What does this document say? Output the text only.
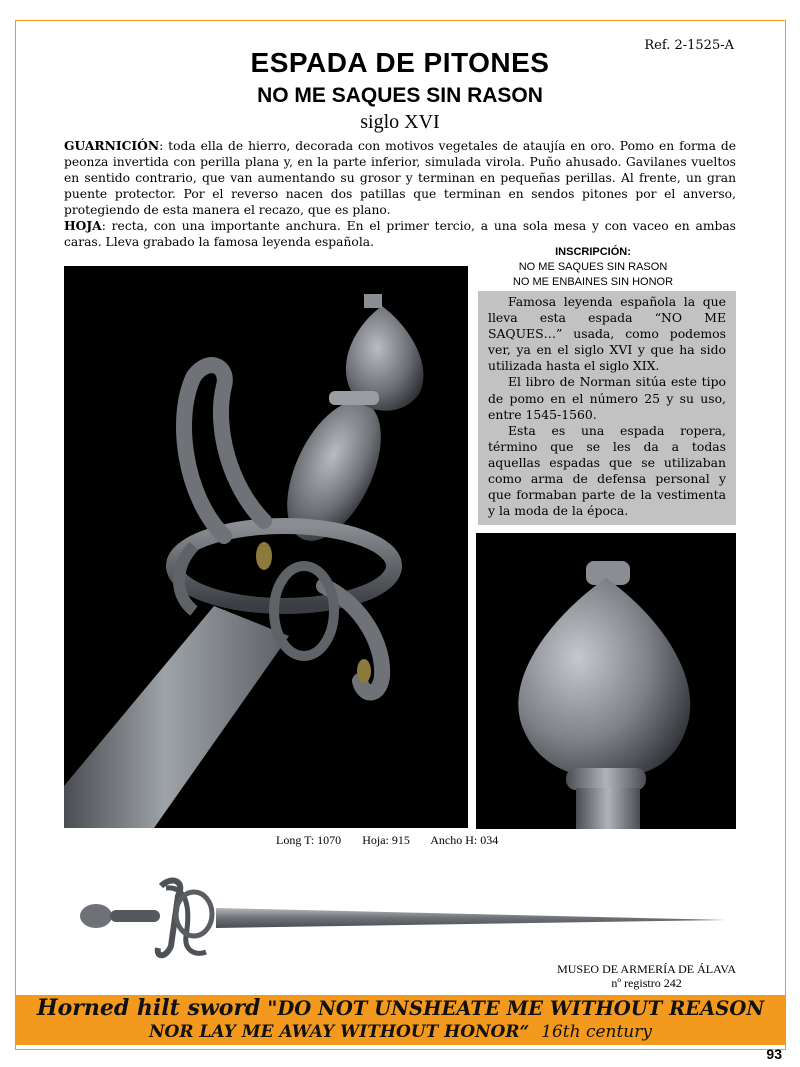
Ref. 2-1525-A
ESPADA DE PITONES
NO ME SAQUES SIN RASON
siglo XVI

GUARNICIÓN: toda ella de hierro, decorada con motivos vegetales de ataujía en oro. Pomo en forma de peonza invertida con perilla plana y, en la parte inferior, simulada virola. Puño ahusado. Gavilanes vueltos en sentido contrario, que van aumentando su grosor y terminan en pequeñas perillas. Al frente, un gran puente protector. Por el reverso nacen dos patillas que terminan en sendos pitones por el anverso, protegiendo de esta manera el recazo, que es plano.

HOJA: recta, con una importante anchura. En el primer tercio, a una sola mesa y con vaceo en ambas caras. Lleva grabado la famosa leyenda española.

INSCRIPCIÓN:
NO ME SAQUES SIN RASON
NO ME ENBAINES SIN HONOR

Famosa leyenda española la que lleva esta espada “NO ME SAQUES…” usada, como podemos ver, ya en el siglo XVI y que ha sido utilizada hasta el siglo XIX.

El libro de Norman sitúa este tipo de pomo en el número 25 y su uso, entre 1545-1560.

Esta es una espada ropera, término que se les da a todas aquellas espadas que se utilizaban como arma de defensa personal y que formaban parte de la vestimenta y la moda de la época.

Long T: 1070 Hoja: 915 Ancho H: 034
MUSEO DE ARMERÍA DE ÁLAVA
nº registro 242
Horned hilt sword "DO NOT UNSHEATE ME WITHOUT REASON
NOR LAY ME AWAY WITHOUT HONOR“ 16th century
93
